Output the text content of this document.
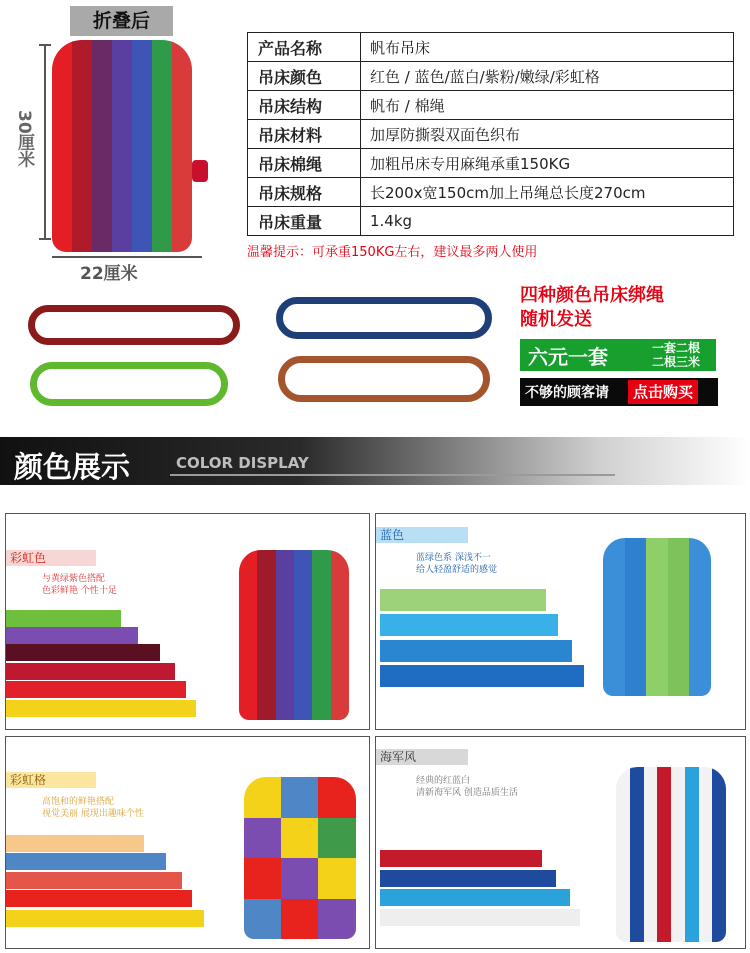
折叠后
30厘米
22厘米
产品名称	帆布吊床
吊床颜色	红色 / 蓝色/蓝白/紫粉/嫩绿/彩虹格
吊床结构	帆布 / 棉绳
吊床材料	加厚防撕裂双面色织布
吊床棉绳	加粗吊床专用麻绳承重150KG
吊床规格	长200x宽150cm加上吊绳总长度270cm
吊床重量	1.4kg
温馨提示：可承重150KG左右，建议最多两人使用
四种颜色吊床绑绳
随机发送
六元一套	一套二根
二根三米
不够的顾客请	点击购买
颜色展示	COLOR DISPLAY
彩虹色
与黄绿紫色搭配
色彩鲜艳 个性十足
蓝色
蓝绿色系 深浅不一
给人轻盈舒适的感觉
彩虹格
高饱和的鲜艳搭配
视觉美丽 展现出趣味个性
海军风
经典的红蓝白
清新海军风 创造品质生活
